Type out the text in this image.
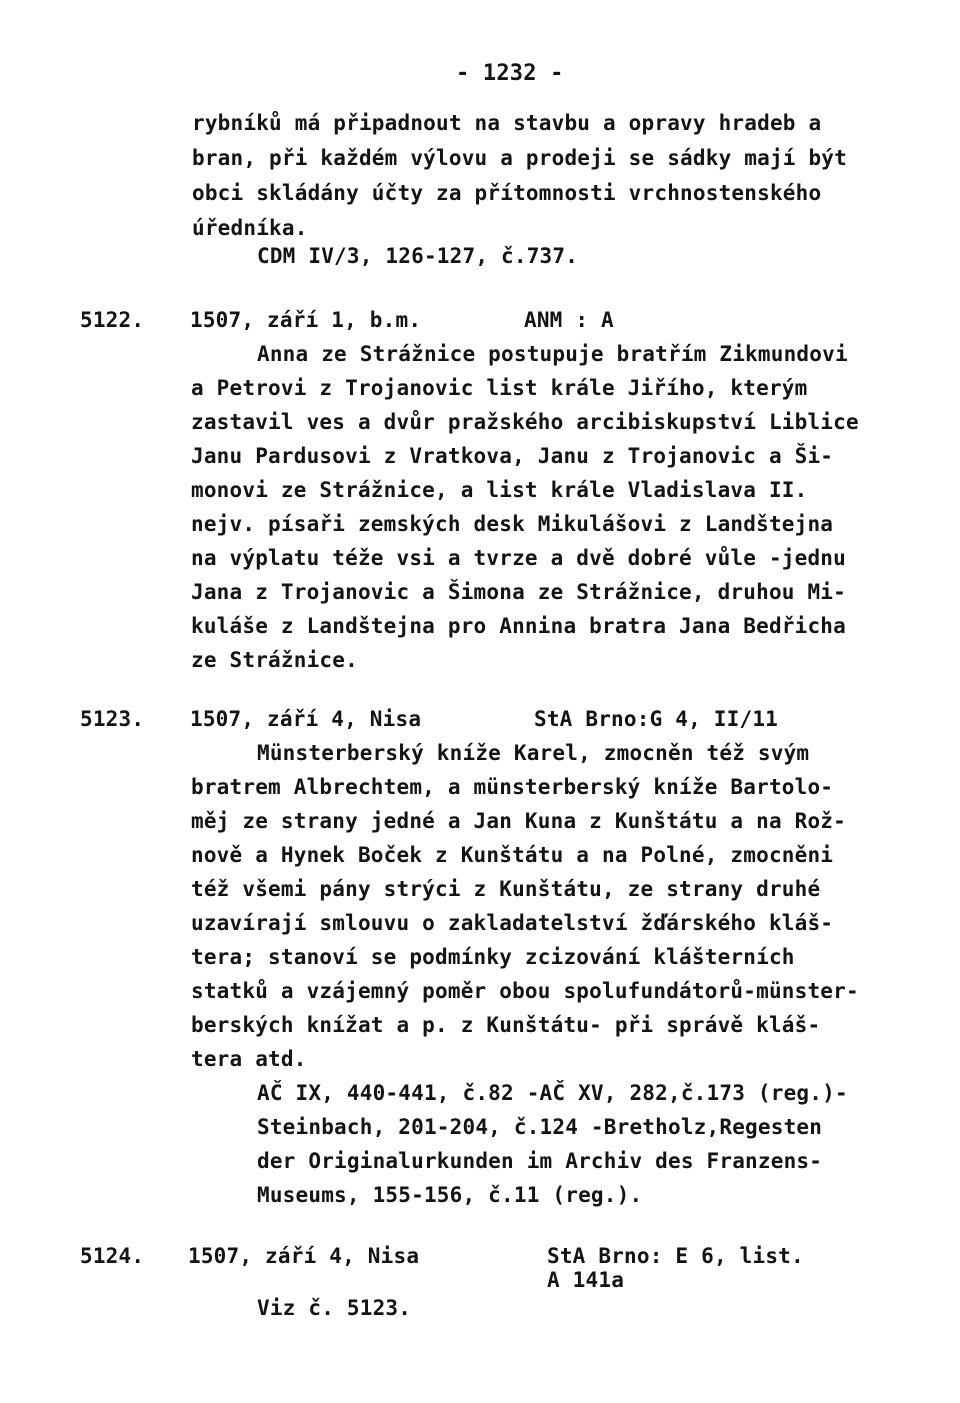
- 1232 -
rybníků má připadnout na stavbu a opravy hradeb a
bran, při každém výlovu a prodeji se sádky mají být
obci skládány účty za přítomnosti vrchnostenského
úředníka.
CDM IV/3, 126-127, č.737.
5122. 1507, září 1, b.m.	ANM : A
Anna ze Strážnice postupuje bratřím Zikmundovi
a Petrovi z Trojanovic list krále Jiřího, kterým
zastavil ves a dvůr pražského arcibiskupství Liblice
Janu Pardusovi z Vratkova, Janu z Trojanovic a Ši-
monovi ze Strážnice, a list krále Vladislava II.
nejv. písaři zemských desk Mikulášovi z Landštejna
na výplatu téže vsi a tvrze a dvě dobré vůle -jednu
Jana z Trojanovic a Šimona ze Strážnice, druhou Mi-
kuláše z Landštejna pro Annina bratra Jana Bedřicha
ze Strážnice.
5123. 1507, září 4, Nisa	StA Brno:G 4, II/11
Münsterberský kníže Karel, zmocněn též svým
bratrem Albrechtem, a münsterberský kníže Bartolo-
měj ze strany jedné a Jan Kuna z Kunštátu a na Rož-
nově a Hynek Boček z Kunštátu a na Polné, zmocněni
též všemi pány strýci z Kunštátu, ze strany druhé
uzavírají smlouvu o zakladatelství žďárského kláš-
tera; stanoví se podmínky zcizování klášterních
statků a vzájemný poměr obou spolufundátorů-münster-
berských knížat a p. z Kunštátu- při správě kláš-
tera atd.
AČ IX, 440-441, č.82 -AČ XV, 282,č.173 (reg.)-
Steinbach, 201-204, č.124 -Bretholz,Regesten
der Originalurkunden im Archiv des Franzens-
Museums, 155-156, č.11 (reg.).
5124. 1507, září 4, Nisa	StA Brno: E 6, list.
A 141a
Viz č. 5123.
